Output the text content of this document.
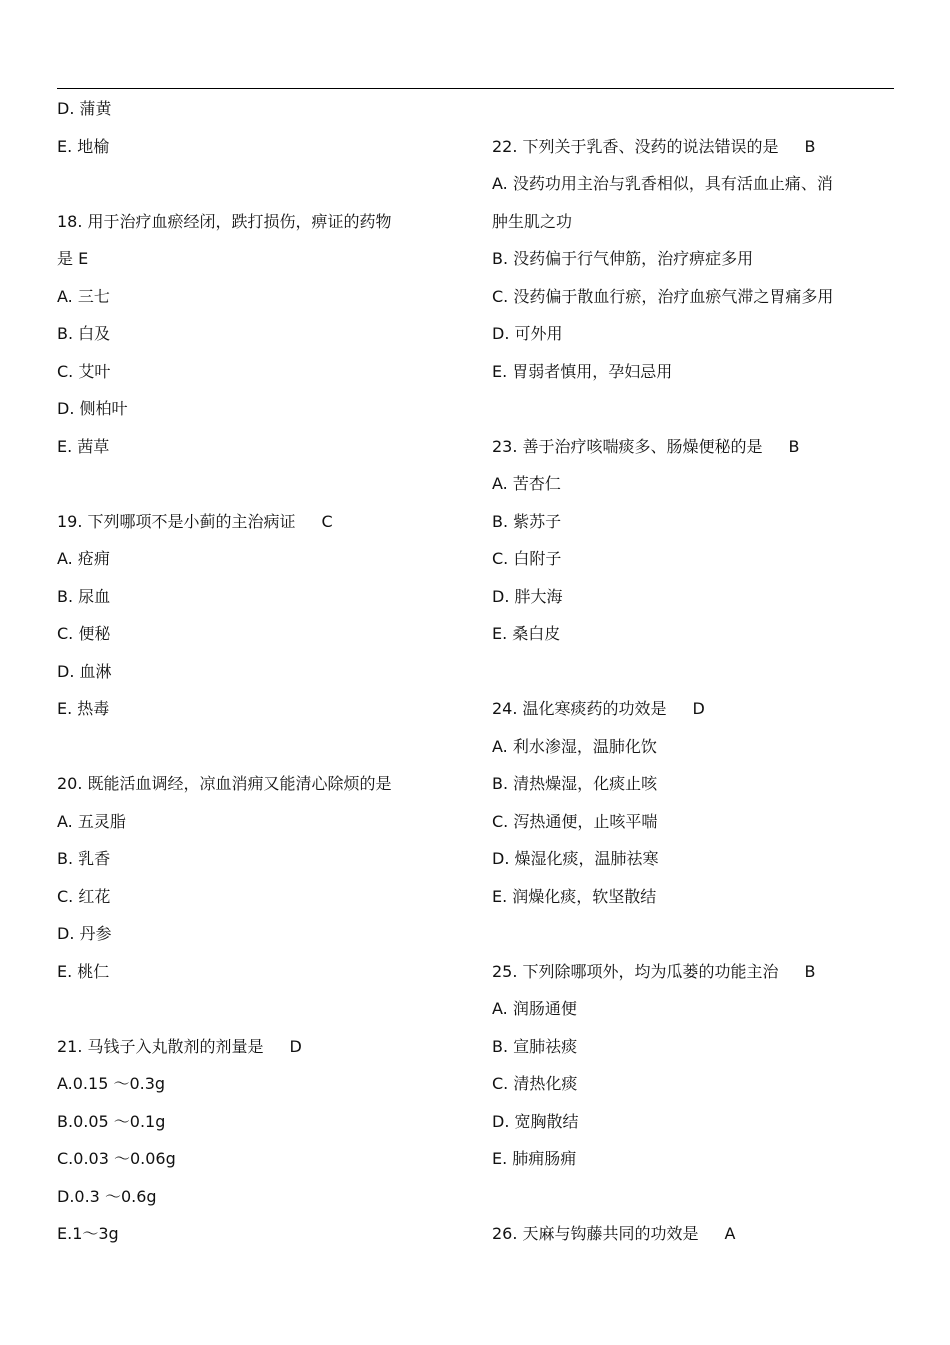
D. 蒲黄
E. 地榆
18. 用于治疗血瘀经闭，跌打损伤，痹证的药物
是 E
A. 三七
B. 白及
C. 艾叶
D. 侧柏叶
E. 茜草
19. 下列哪项不是小蓟的主治病证 C
A. 疮痈
B. 尿血
C. 便秘
D. 血淋
E. 热毒
20. 既能活血调经，凉血消痈又能清心除烦的是
A. 五灵脂
B. 乳香
C. 红花
D. 丹参
E. 桃仁
21. 马钱子入丸散剂的剂量是 D
A.0.15 ～0.3g
B.0.05 ～0.1g
C.0.03 ～0.06g
D.0.3 ～0.6g
E.1～3g
22. 下列关于乳香、没药的说法错误的是 B
A. 没药功用主治与乳香相似，具有活血止痛、消
肿生肌之功
B. 没药偏于行气伸筋，治疗痹症多用
C. 没药偏于散血行瘀，治疗血瘀气滞之胃痛多用
D. 可外用
E. 胃弱者慎用，孕妇忌用
23. 善于治疗咳喘痰多、肠燥便秘的是 B
A. 苦杏仁
B. 紫苏子
C. 白附子
D. 胖大海
E. 桑白皮
24. 温化寒痰药的功效是 D
A. 利水渗湿，温肺化饮
B. 清热燥湿，化痰止咳
C. 泻热通便，止咳平喘
D. 燥湿化痰，温肺祛寒
E. 润燥化痰，软坚散结
25. 下列除哪项外，均为瓜蒌的功能主治 B
A. 润肠通便
B. 宣肺祛痰
C. 清热化痰
D. 宽胸散结
E. 肺痈肠痈
26. 天麻与钩藤共同的功效是 A
